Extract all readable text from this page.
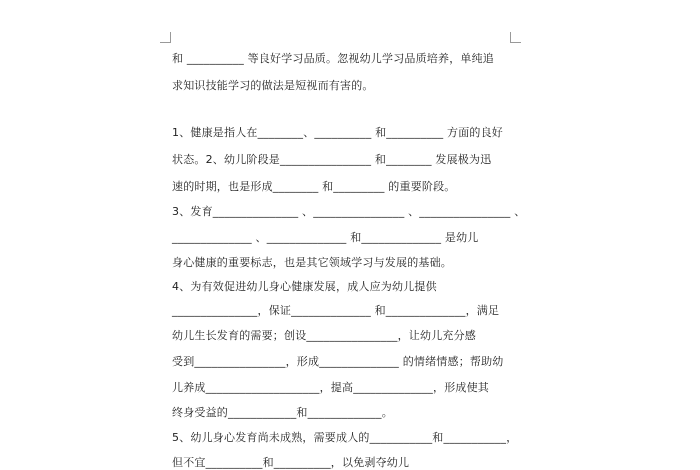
和 __________ 等良好学习品质。忽视幼儿学习品质培养，单纯追
求知识技能学习的做法是短视而有害的。
1、健康是指人在________、__________ 和__________ 方面的良好
状态。2、幼儿阶段是________________ 和________ 发展极为迅
速的时期，也是形成________ 和_________ 的重要阶段。
3、发育_______________ 、________________ 、________________ 、
______________ 、______________ 和______________ 是幼儿
身心健康的重要标志，也是其它领域学习与发展的基础。
4、为有效促进幼儿身心健康发展，成人应为幼儿提供
_______________，保证______________ 和______________，满足
幼儿生长发育的需要；创设________________，让幼儿充分感
受到________________，形成______________ 的情绪情感；帮助幼
儿养成____________________，提高______________，形成使其
终身受益的____________和_____________。
5、幼儿身心发育尚未成熟，需要成人的___________和___________，
但不宜__________和__________，以免剥夺幼儿
